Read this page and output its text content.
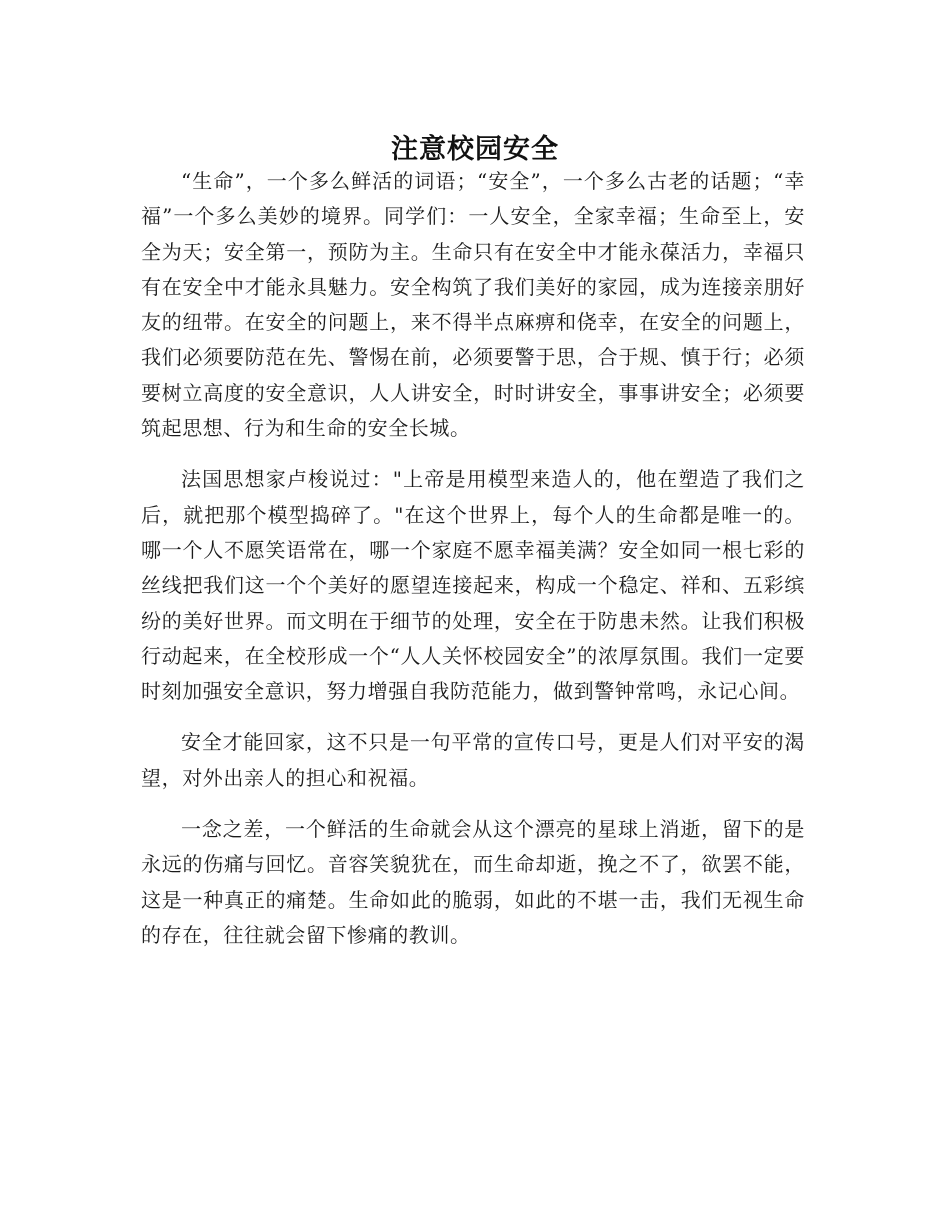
注意校园安全

“生命”，一个多么鲜活的词语；“安全”，一个多么古老的话题；“幸福”一个多么美妙的境界。同学们：一人安全，全家幸福；生命至上，安全为天；安全第一，预防为主。生命只有在安全中才能永葆活力，幸福只有在安全中才能永具魅力。安全构筑了我们美好的家园，成为连接亲朋好友的纽带。在安全的问题上，来不得半点麻痹和侥幸，在安全的问题上，我们必须要防范在先、警惕在前，必须要警于思，合于规、慎于行；必须要树立高度的安全意识，人人讲安全，时时讲安全，事事讲安全；必须要筑起思想、行为和生命的安全长城。

法国思想家卢梭说过："上帝是用模型来造人的，他在塑造了我们之后，就把那个模型捣碎了。"在这个世界上，每个人的生命都是唯一的。哪一个人不愿笑语常在，哪一个家庭不愿幸福美满？安全如同一根七彩的丝线把我们这一个个美好的愿望连接起来，构成一个稳定、祥和、五彩缤纷的美好世界。而文明在于细节的处理，安全在于防患未然。让我们积极行动起来，在全校形成一个“人人关怀校园安全”的浓厚氛围。我们一定要时刻加强安全意识，努力增强自我防范能力，做到警钟常鸣，永记心间。

安全才能回家，这不只是一句平常的宣传口号，更是人们对平安的渴望，对外出亲人的担心和祝福。

一念之差，一个鲜活的生命就会从这个漂亮的星球上消逝，留下的是永远的伤痛与回忆。音容笑貌犹在，而生命却逝，挽之不了，欲罢不能，这是一种真正的痛楚。生命如此的脆弱，如此的不堪一击，我们无视生命的存在，往往就会留下惨痛的教训。
